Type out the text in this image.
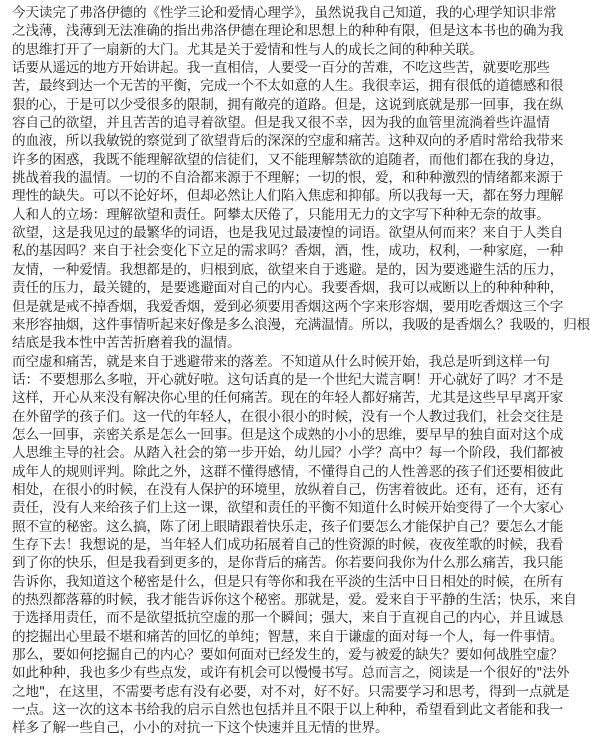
今天读完了弗洛伊德的《性学三论和爱情心理学》，虽然说我自己知道，我的心理学知识非常
之浅薄，浅薄到无法准确的指出弗洛伊德在理论和思想上的种种有限，但是这本书也的确为我
的思维打开了一扇新的大门。尤其是关于爱情和性与人的成长之间的种种关联。
话要从遥远的地方开始讲起。我一直相信，人要受一百分的苦难，不吃这些苦，就要吃那些
苦，最终到达一个无苦的平衡，完成一个不太如意的人生。我很幸运，拥有很低的道德感和很
狠的心，于是可以少受很多的限制，拥有敞亮的道路。但是，这说到底就是那一回事，我在纵
容自己的欲望，并且苦苦的追寻着欲望。但是我又很不幸，因为我的血管里流淌着些许温情
的血液，所以我敏锐的察觉到了欲望背后的深深的空虚和痛苦。这种双向的矛盾时常给我带来
许多的困惑，我既不能理解欲望的信徒们，又不能理解禁欲的追随者，而他们都在我的身边，
挑战着我的温情。一切的不自洽都来源于不理解；一切的恨，爱，和种种激烈的情绪都来源于
理性的缺失。可以不论好坏，但却必然让人们陷入焦虑和抑郁。所以我每一天，都在努力理解
人和人的立场：理解欲望和责任。阿攀太厌倦了，只能用无力的文字写下种种无奈的故事。
欲望，这是我见过的最繁华的词语，也是我见过最凄惶的词语。欲望从何而来？来自于人类自
私的基因吗？来自于社会变化下立足的需求吗？香烟，酒，性，成功，权利，一种家庭，一种
友情，一种爱情。我想都是的，归根到底，欲望来自于逃避。是的，因为要逃避生活的压力，
责任的压力，最关键的，是要逃避面对自己的内心。我要香烟，我可以戒断以上的种种种种，
但是就是戒不掉香烟，我爱香烟，爱到必须要用香烟这两个字来形容烟，要用吃香烟这三个字
来形容抽烟，这件事情听起来好像是多么浪漫，充满温情。所以，我吸的是香烟么？我吸的，归根
结底是我本性中苦苦折磨着我的温情。
而空虚和痛苦，就是来自于逃避带来的落差。不知道从什么时候开始，我总是听到这样一句
话：不要想那么多啦，开心就好啦。这句话真的是一个世纪大谎言啊！开心就好了吗？才不是
这样，开心从来没有解决你心里的任何痛苦。现在的年轻人都好痛苦，尤其是这些早早离开家
在外留学的孩子们。这一代的年轻人，在很小很小的时候，没有一个人教过我们，社会交往是
怎么一回事，亲密关系是怎么一回事。但是这个成熟的小小的思维，要早早的独自面对这个成
人思维主导的社会。从踏入社会的第一步开始，幼儿园？小学？高中？每一个阶段，我们都被
成年人的规则评判。除此之外，这群不懂得感情，不懂得自己的人性善恶的孩子们还要相彼此
相处，在很小的时候，在没有人保护的环境里，放纵着自己，伤害着彼此。还有，还有，还有
责任，没有人来给孩子们上这一课，欲望和责任的平衡不知道什么时候开始变得了一个大家心
照不宣的秘密。这么搞，陈了闭上眼睛跟着快乐走，孩子们要怎么才能保护自己？要怎么才能
生存下去！我想说的是，当年轻人们成功拓展着自己的性资源的时候，夜夜笙歌的时候，我看
到了你的快乐，但是我看到更多的，是你背后的痛苦。你若要问我你为什么那么痛苦，我只能
告诉你，我知道这个秘密是什么，但是只有等你和我在平淡的生活中日日相处的时候，在所有
的热烈都落幕的时候，我才能告诉你这个秘密。那就是，爱。爱来自于平静的生活；快乐，来自
于选择用责任，而不是欲望抵抗空虚的那一个瞬间；强大，来自于直视自己的内心，并且诚恳
的挖掘出心里最不堪和痛苦的回忆的单纯；智慧，来自于谦虚的面对每一个人，每一件事情。
那么，要如何挖掘自己的内心？要如何面对已经发生的，爱与被爱的缺失？要如何战胜空虚？
如此种种，我也多少有些点发，或许有机会可以慢慢书写。总而言之，阅读是一个很好的"法外
之地"，在这里，不需要考虑有没有必要，对不对，好不好。只需要学习和思考，得到一点就是
一点。这一次的这本书给我的启示自然也包括并且不限于以上种种，希望看到此文者能和我一
样多了解一些自己，小小的对抗一下这个快速并且无情的世界。
